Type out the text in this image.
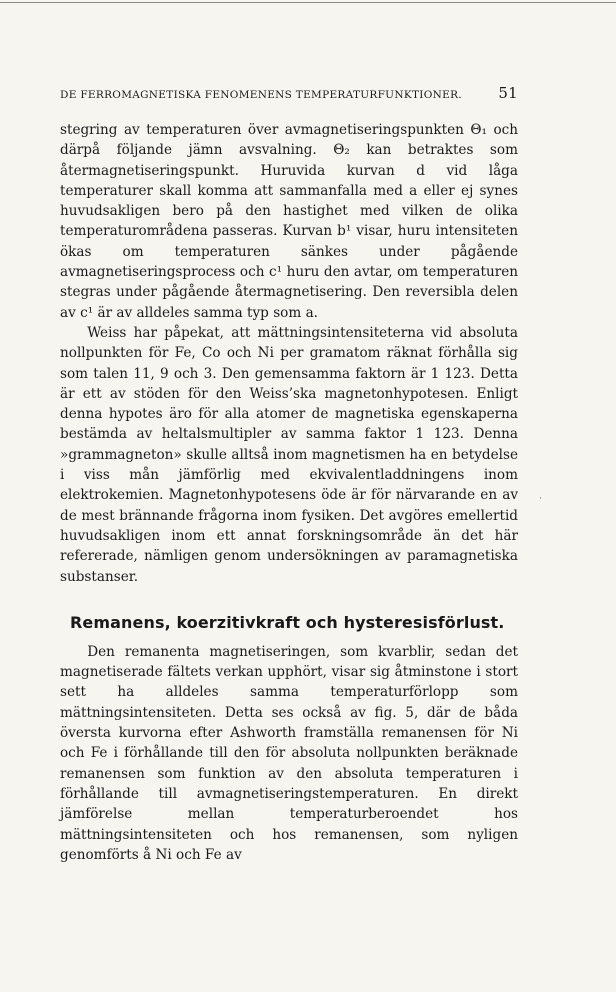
DE FERROMAGNETISKA FENOMENENS TEMPERATURFUNKTIONER. 51

stegring av temperaturen över avmagnetiseringspunkten Θ₁ och därpå följande jämn avsvalning. Θ₂ kan betraktes som återmagnetiseringspunkt. Huruvida kurvan d vid låga temperaturer skall komma att sammanfalla med a eller ej synes huvudsakligen bero på den hastighet med vilken de olika temperaturområdena passeras. Kurvan b¹ visar, huru intensiteten ökas om temperaturen sänkes under pågående avmagnetiseringsprocess och c¹ huru den avtar, om temperaturen stegras under pågående återmagnetisering. Den reversibla delen av c¹ är av alldeles samma typ som a.

Weiss har påpekat, att mättningsintensiteterna vid absoluta nollpunkten för Fe, Co och Ni per gramatom räknat förhålla sig som talen 11, 9 och 3. Den gemensamma faktorn är 1 123. Detta är ett av stöden för den Weiss’ska magnetonhypotesen. Enligt denna hypotes äro för alla atomer de magnetiska egenskaperna bestämda av heltalsmultipler av samma faktor 1 123. Denna »grammagneton» skulle alltså inom magnetismen ha en betydelse i viss mån jämförlig med ekvivalentladdningens inom elektrokemien. Magnetonhypotesens öde är för närvarande en av de mest brännande frågorna inom fysiken. Det avgöres emellertid huvudsakligen inom ett annat forskningsområde än det här refererade, nämligen genom undersökningen av paramagnetiska substanser.

Remanens, koerzitivkraft och hysteresisförlust.

Den remanenta magnetiseringen, som kvarblir, sedan det magnetiserade fältets verkan upphört, visar sig åtminstone i stort sett ha alldeles samma temperaturförlopp som mättningsintensiteten. Detta ses också av fig. 5, där de båda översta kurvorna efter Ashworth framställa remanensen för Ni och Fe i förhållande till den för absoluta nollpunkten beräknade remanensen som funktion av den absoluta temperaturen i förhållande till avmagnetiseringstemperaturen. En direkt jämförelse mellan temperaturberoendet hos mättningsintensiteten och hos remanensen, som nyligen genomförts å Ni och Fe av

·
